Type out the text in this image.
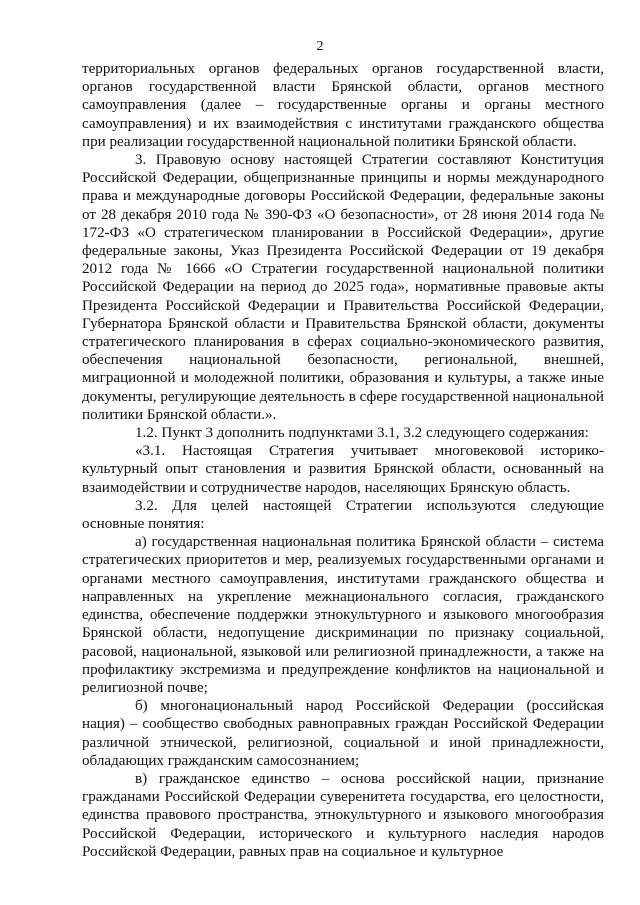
2

территориальных органов федеральных органов государственной власти, органов государственной власти Брянской области, органов местного самоуправления (далее – государственные органы и органы местного самоуправления) и их взаимодействия с институтами гражданского общества при реализации государственной национальной политики Брянской области.

3. Правовую основу настоящей Стратегии составляют Конституция Российской Федерации, общепризнанные принципы и нормы международного права и международные договоры Российской Федерации, федеральные законы от 28 декабря 2010 года № 390-ФЗ «О безопасности», от 28 июня 2014 года № 172-ФЗ «О стратегическом планировании в Российской Федерации», другие федеральные законы, Указ Президента Российской Федерации от 19 декабря 2012 года № 1666 «О Стратегии государственной национальной политики Российской Федерации на период до 2025 года», нормативные правовые акты Президента Российской Федерации и Правительства Российской Федерации, Губернатора Брянской области и Правительства Брянской области, документы стратегического планирования в сферах социально-экономического развития, обеспечения национальной безопасности, региональной, внешней, миграционной и молодежной политики, образования и культуры, а также иные документы, регулирующие деятельность в сфере государственной национальной политики Брянской области.».

1.2. Пункт 3 дополнить подпунктами 3.1, 3.2 следующего содержания:

«3.1. Настоящая Стратегия учитывает многовековой историко-культурный опыт становления и развития Брянской области, основанный на взаимодействии и сотрудничестве народов, населяющих Брянскую область.

3.2. Для целей настоящей Стратегии используются следующие основные понятия:

а) государственная национальная политика Брянской области – система стратегических приоритетов и мер, реализуемых государственными органами и органами местного самоуправления, институтами гражданского общества и направленных на укрепление межнационального согласия, гражданского единства, обеспечение поддержки этнокультурного и языкового многообразия Брянской области, недопущение дискриминации по признаку социальной, расовой, национальной, языковой или религиозной принадлежности, а также на профилактику экстремизма и предупреждение конфликтов на национальной и религиозной почве;

б) многонациональный народ Российской Федерации (российская нация) – сообщество свободных равноправных граждан Российской Федерации различной этнической, религиозной, социальной и иной принадлежности, обладающих гражданским самосознанием;

в) гражданское единство – основа российской нации, признание гражданами Российской Федерации суверенитета государства, его целостности, единства правового пространства, этнокультурного и языкового многообразия Российской Федерации, исторического и культурного наследия народов Российской Федерации, равных прав на социальное и культурное
